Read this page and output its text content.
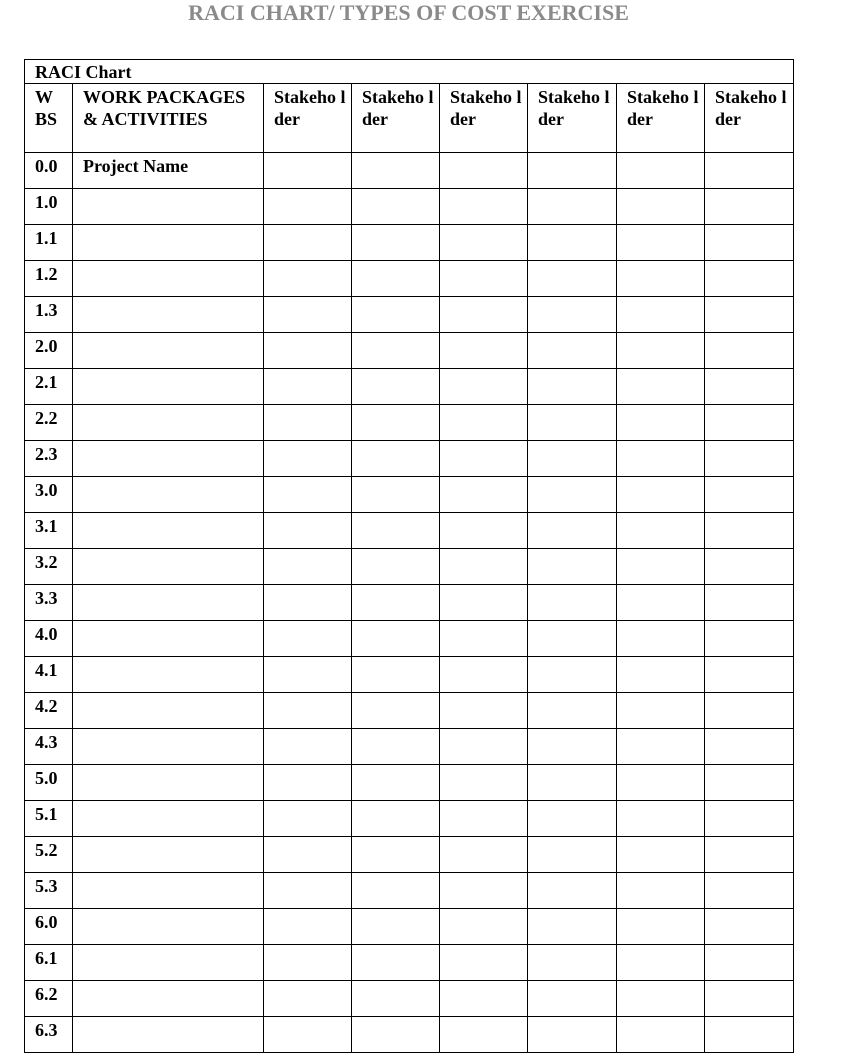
RACI CHART/ TYPES OF COST EXERCISE
RACI Chart							
W BS	WORK PACKAGES & ACTIVITIES	Stakeho lder	Stakeho lder	Stakeho lder	Stakeho lder	Stakeho lder	Stakeho lder
0.0	Project Name						
1.0							
1.1							
1.2							
1.3							
2.0							
2.1							
2.2							
2.3							
3.0							
3.1							
3.2							
3.3							
4.0							
4.1							
4.2							
4.3							
5.0							
5.1							
5.2							
5.3							
6.0							
6.1							
6.2							
6.3							
